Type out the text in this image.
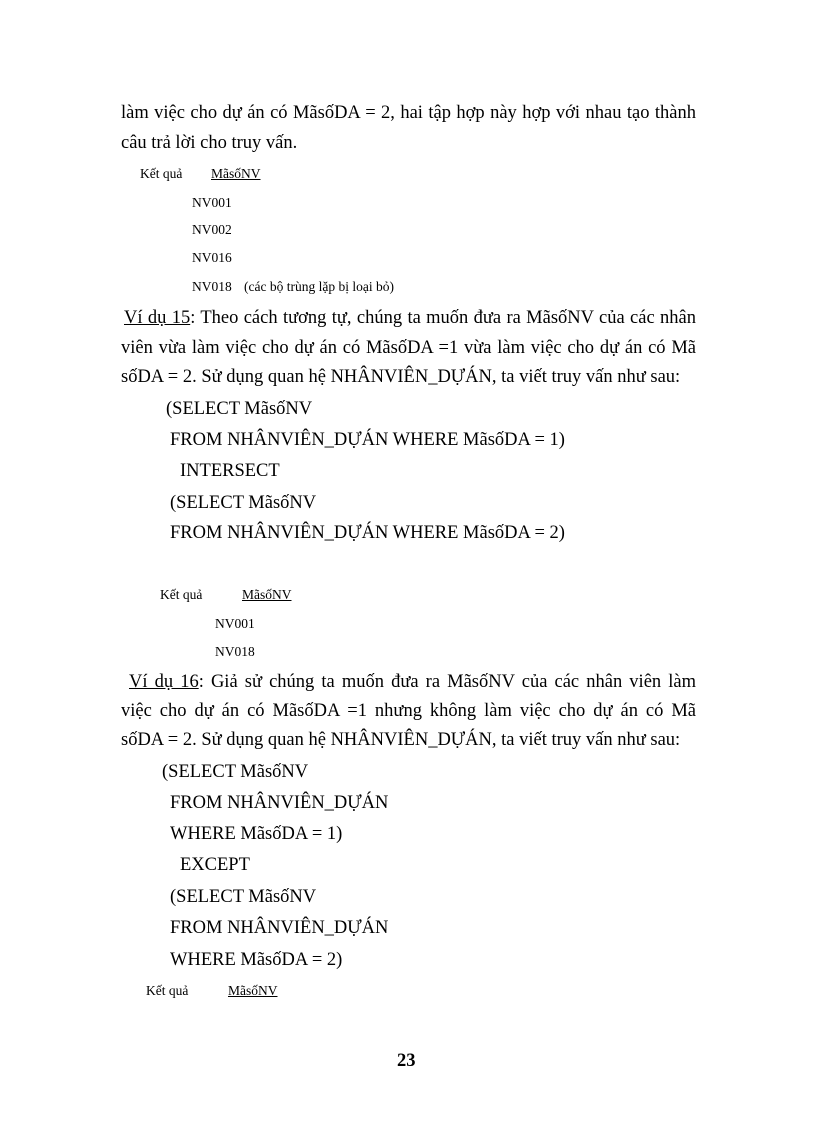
làm việc cho dự án có MãsốDA = 2, hai tập hợp này hợp với nhau tạo thành
câu trả lời cho truy vấn.
Kết quả MãsốNV
NV001
NV002
NV016
NV018 (các bộ trùng lặp bị loại bỏ)
Ví dụ 15: Theo cách tương tự, chúng ta muốn đưa ra MãsốNV của các nhân
viên vừa làm việc cho dự án có MãsốDA =1 vừa làm việc cho dự án có Mã
sốDA = 2. Sử dụng quan hệ NHÂNVIÊN_DỰÁN, ta viết truy vấn như sau:
(SELECT MãsốNV
FROM NHÂNVIÊN_DỰÁN WHERE MãsốDA = 1)
INTERSECT
(SELECT MãsốNV
FROM NHÂNVIÊN_DỰÁN WHERE MãsốDA = 2)
Kết quả	MãsốNV
NV001
NV018
Ví dụ 16: Giả sử chúng ta muốn đưa ra MãsốNV của các nhân viên làm
việc cho dự án có MãsốDA =1 nhưng không làm việc cho dự án có Mã
sốDA = 2. Sử dụng quan hệ NHÂNVIÊN_DỰÁN, ta viết truy vấn như sau:
(SELECT MãsốNV
FROM NHÂNVIÊN_DỰÁN
WHERE MãsốDA = 1)
EXCEPT
(SELECT MãsốNV
FROM NHÂNVIÊN_DỰÁN
WHERE MãsốDA = 2)
Kết quả	MãsốNV
23
